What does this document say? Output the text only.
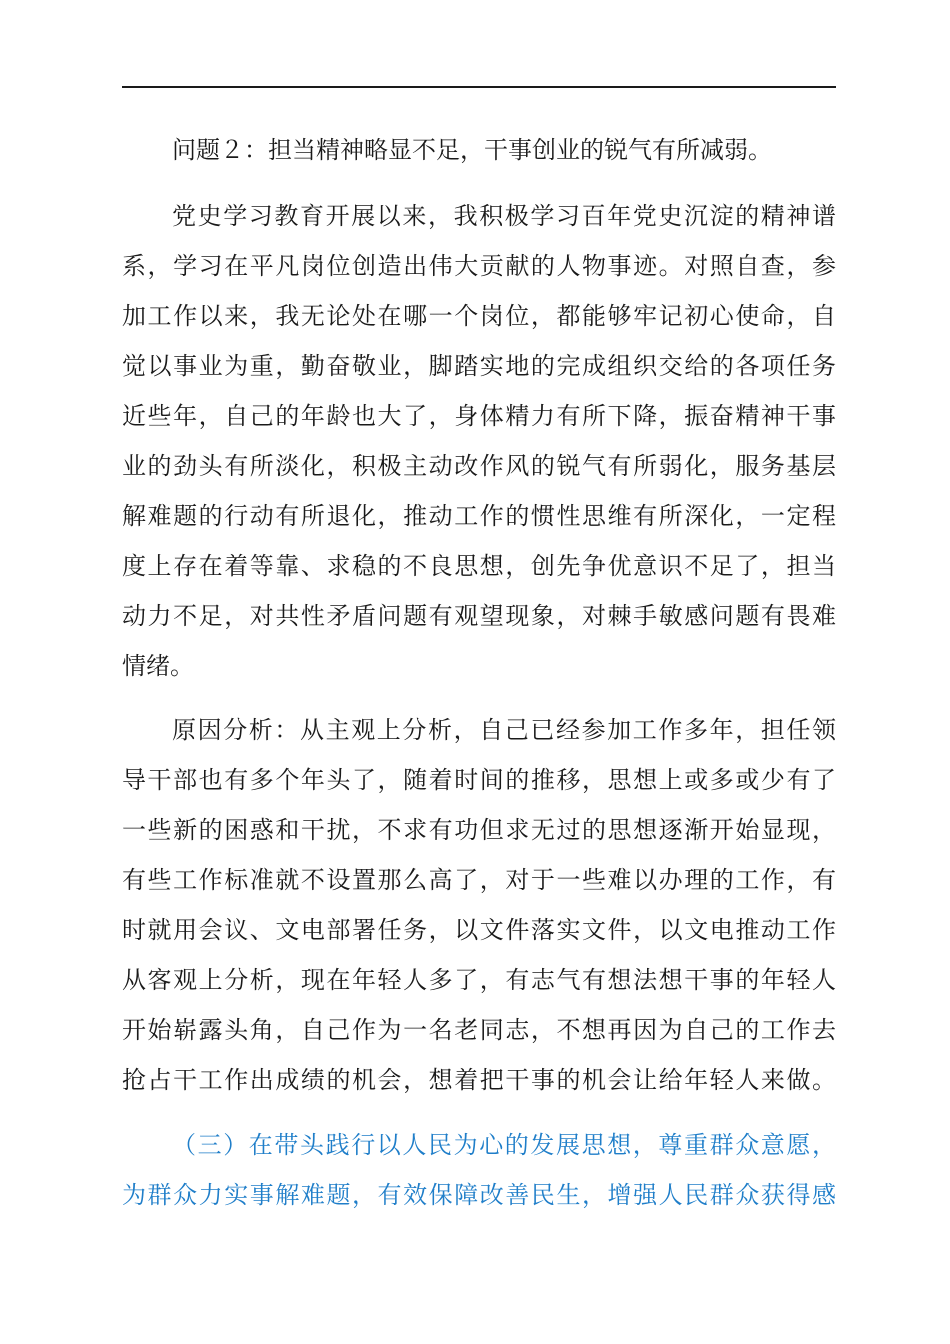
问题２：担当精神略显不足，干事创业的锐气有所减弱。
党史学习教育开展以来，我积极学习百年党史沉淀的精神谱
系，学习在平凡岗位创造出伟大贡献的人物事迹。对照自查，参
加工作以来，我无论处在哪一个岗位，都能够牢记初心使命，自
觉以事业为重，勤奋敬业，脚踏实地的完成组织交给的各项任务
近些年，自己的年龄也大了，身体精力有所下降，振奋精神干事
业的劲头有所淡化，积极主动改作风的锐气有所弱化，服务基层
解难题的行动有所退化，推动工作的惯性思维有所深化，一定程
度上存在着等靠、求稳的不良思想，创先争优意识不足了，担当
动力不足，对共性矛盾问题有观望现象，对棘手敏感问题有畏难
情绪。
原因分析：从主观上分析，自己已经参加工作多年，担任领
导干部也有多个年头了，随着时间的推移，思想上或多或少有了
一些新的困惑和干扰，不求有功但求无过的思想逐渐开始显现，
有些工作标准就不设置那么高了，对于一些难以办理的工作，有
时就用会议、文电部署任务，以文件落实文件，以文电推动工作
从客观上分析，现在年轻人多了，有志气有想法想干事的年轻人
开始崭露头角，自己作为一名老同志，不想再因为自己的工作去
抢占干工作出成绩的机会，想着把干事的机会让给年轻人来做。
（三）在带头践行以人民为心的发展思想，尊重群众意愿，
为群众力实事解难题，有效保障改善民生，增强人民群众获得感
